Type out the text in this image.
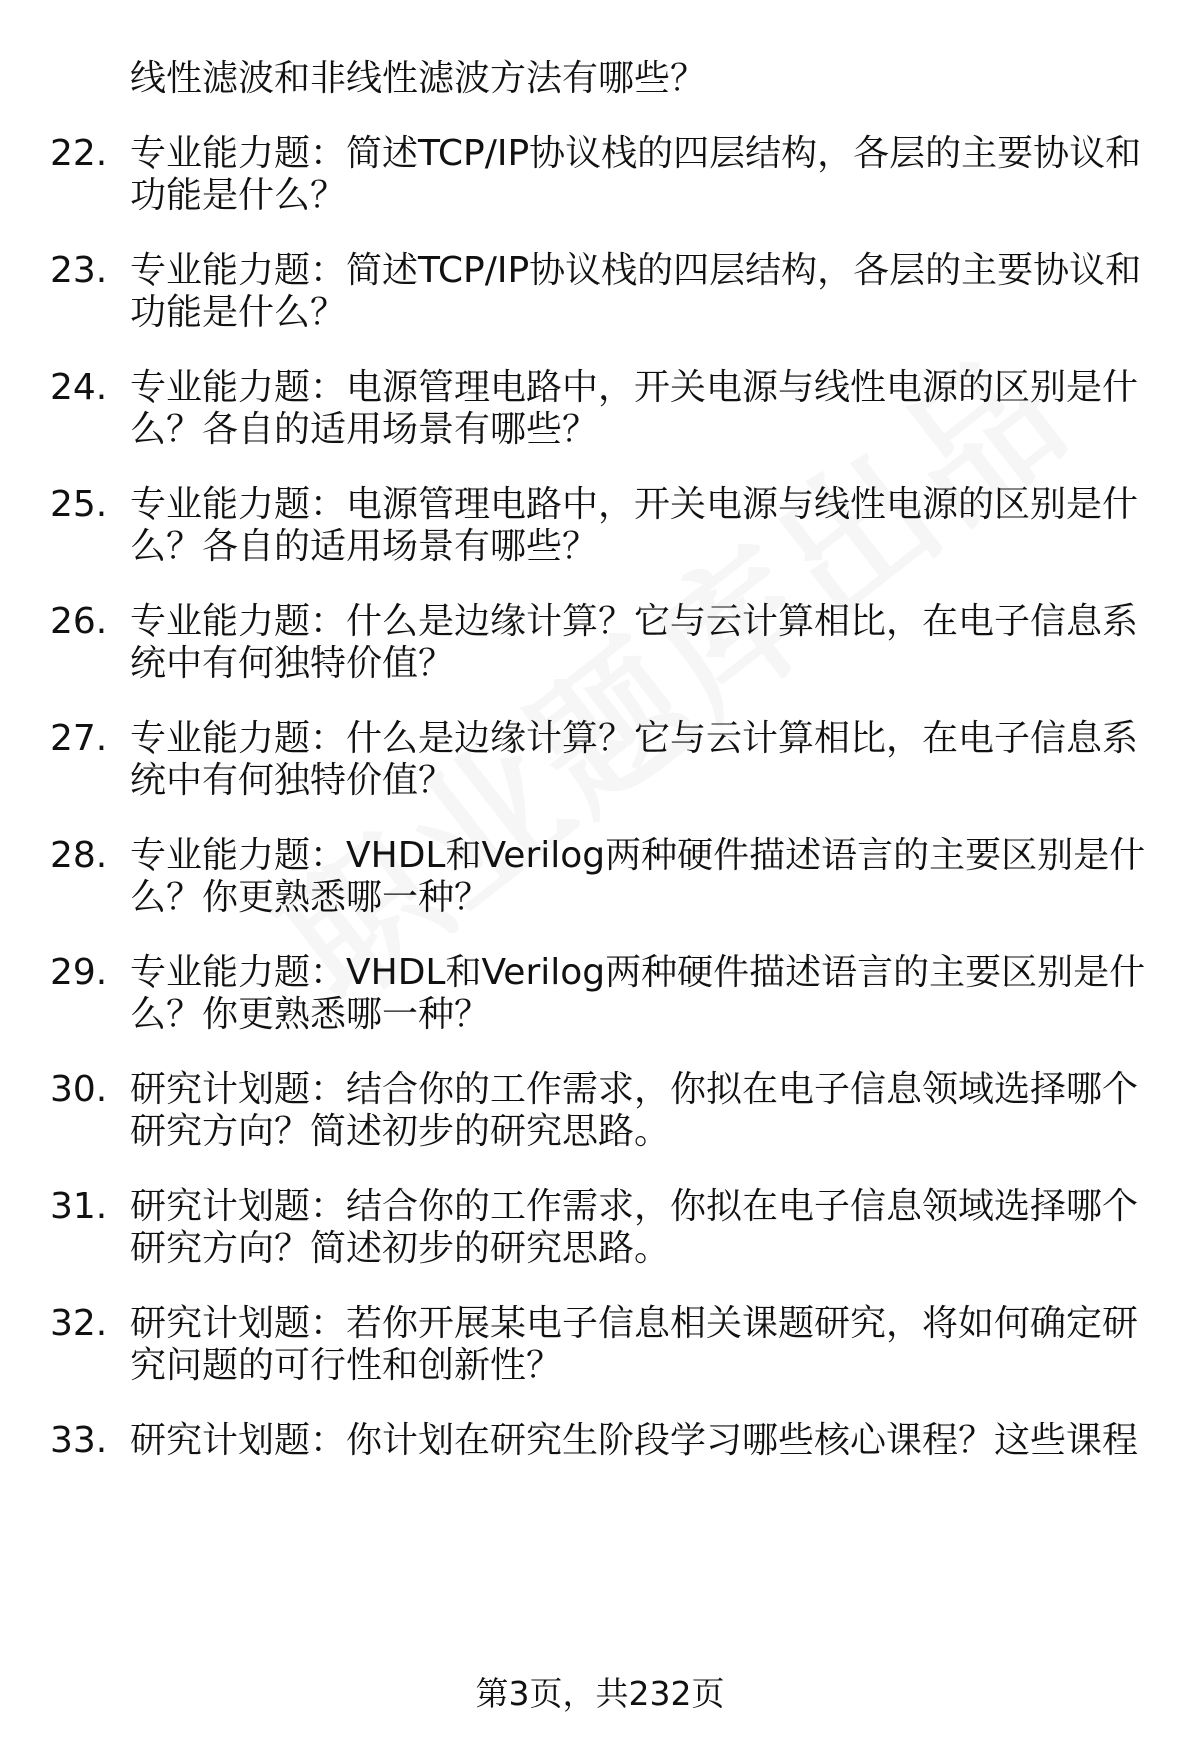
线性滤波和非线性滤波方法有哪些？
22. 专业能力题：简述TCP/IP协议栈的四层结构，各层的主要协议和
功能是什么？
23. 专业能力题：简述TCP/IP协议栈的四层结构，各层的主要协议和
功能是什么？
24. 专业能力题：电源管理电路中，开关电源与线性电源的区别是什
么？各自的适用场景有哪些？
25. 专业能力题：电源管理电路中，开关电源与线性电源的区别是什
么？各自的适用场景有哪些？
26. 专业能力题：什么是边缘计算？它与云计算相比，在电子信息系
统中有何独特价值？
27. 专业能力题：什么是边缘计算？它与云计算相比，在电子信息系
统中有何独特价值？
28. 专业能力题：VHDL和Verilog两种硬件描述语言的主要区别是什
么？你更熟悉哪一种？
29. 专业能力题：VHDL和Verilog两种硬件描述语言的主要区别是什
么？你更熟悉哪一种？
30. 研究计划题：结合你的工作需求，你拟在电子信息领域选择哪个
研究方向？简述初步的研究思路。
31. 研究计划题：结合你的工作需求，你拟在电子信息领域选择哪个
研究方向？简述初步的研究思路。
32. 研究计划题：若你开展某电子信息相关课题研究，将如何确定研
究问题的可行性和创新性？
33. 研究计划题：你计划在研究生阶段学习哪些核心课程？这些课程
第3页，共232页
